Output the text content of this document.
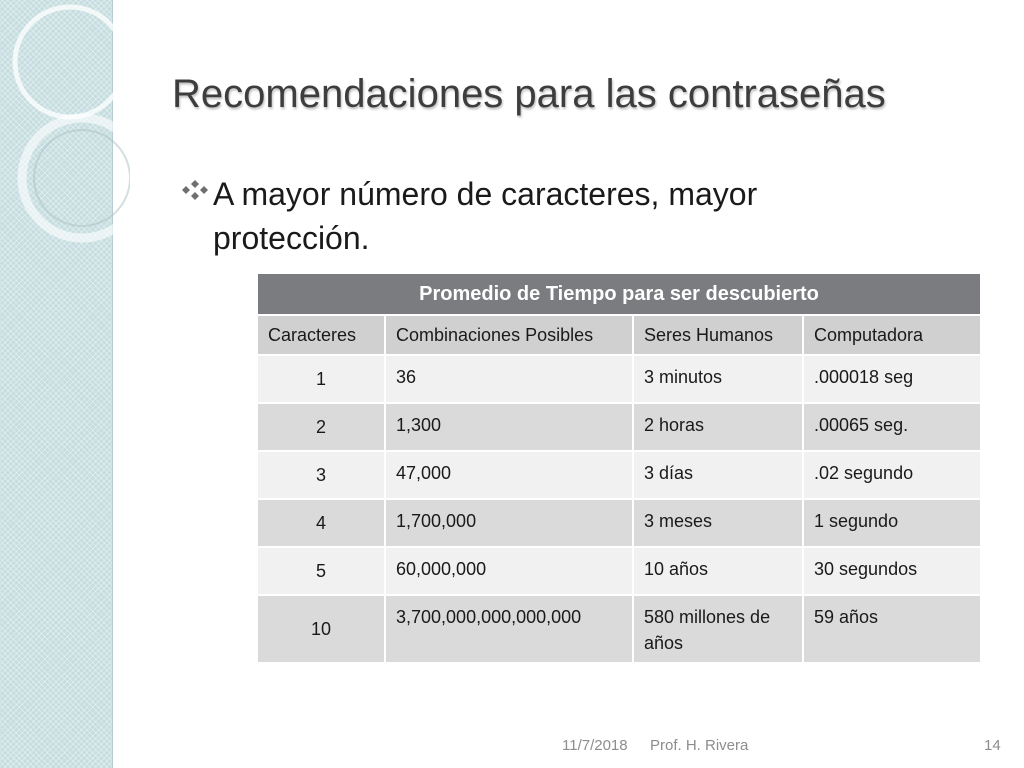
Recomendaciones para las contraseñas

A mayor número de caracteres, mayor protección.

Promedio de Tiempo para ser descubierto			
Caracteres	Combinaciones Posibles	Seres Humanos	Computadora
1	36	3 minutos	.000018 seg
2	1,300	2 horas	.00065 seg.
3	47,000	3 días	.02 segundo
4	1,700,000	3 meses	1 segundo
5	60,000,000	10 años	30 segundos
10	3,700,000,000,000,000	580 millones de años	59 años
11/7/2018 Prof. H. Rivera	14
